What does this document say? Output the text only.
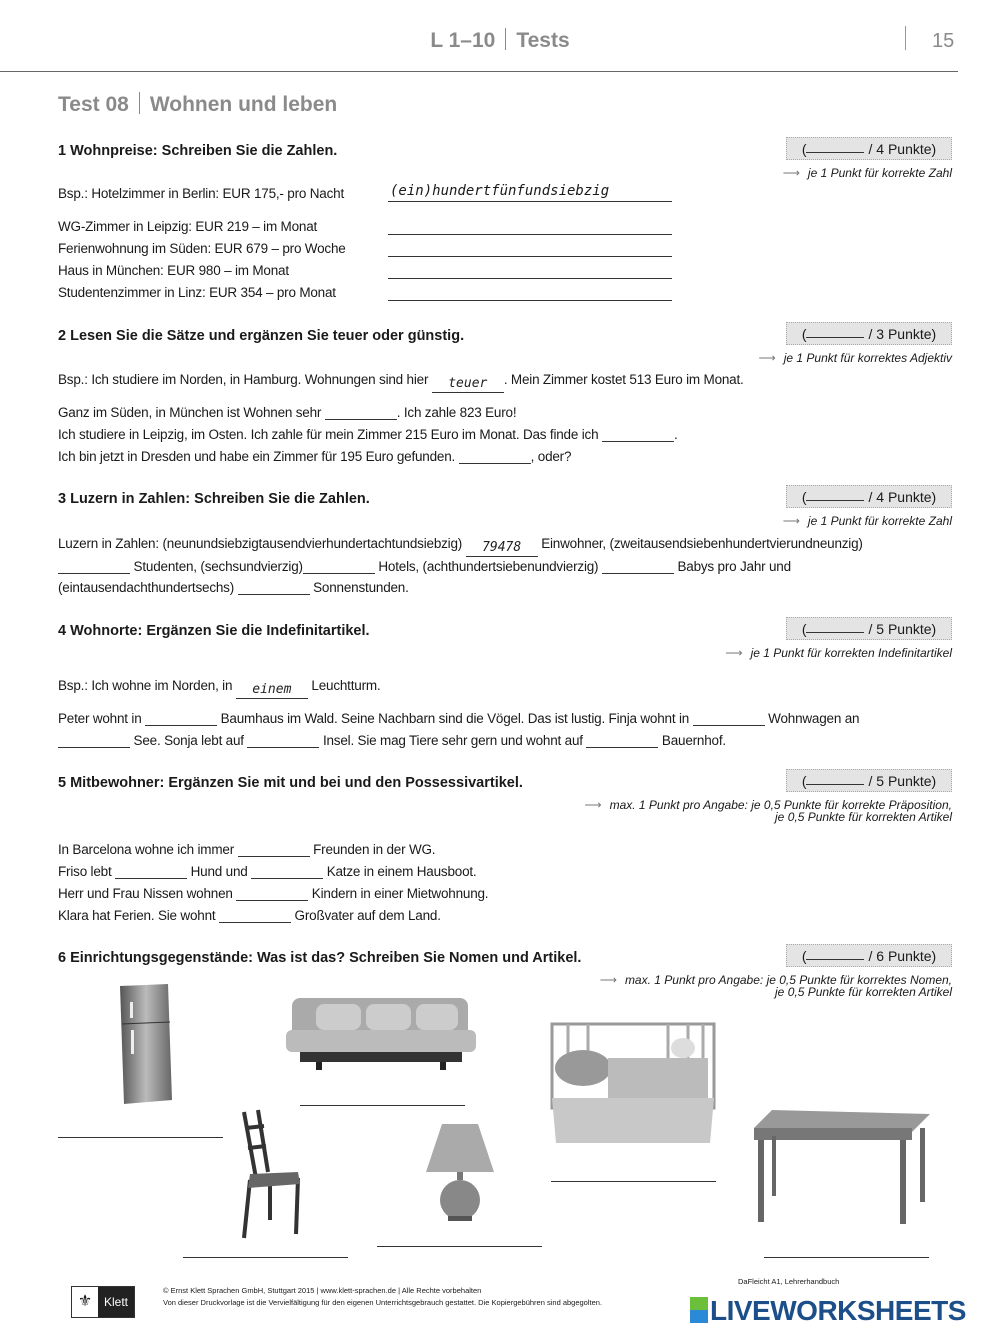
L 1–10 Tests	15
Test 08 Wohnen und leben
⚜ Klett
© Ernst Klett Sprachen GmbH, Stuttgart 2015 | www.klett-sprachen.de | Alle Rechte vorbehalten
Von dieser Druckvorlage ist die Vervielfältigung für den eigenen Unterrichtsgebrauch gestattet. Die Kopiergebühren sind abgegolten.
DaFleicht A1, Lehrerhandbuch
LIVEWORKSHEETS
1 Wohnpreise: Schreiben Sie die Zahlen.	(	/ 4 Punkte)
⟶ je 1 Punkt für korrekte Zahl
2 Lesen Sie die Sätze und ergänzen Sie teuer oder günstig.	(	/ 3 Punkte)
⟶ je 1 Punkt für korrektes Adjektiv
3 Luzern in Zahlen: Schreiben Sie die Zahlen.	(	/ 4 Punkte)
⟶ je 1 Punkt für korrekte Zahl
4 Wohnorte: Ergänzen Sie die Indefinitartikel.	(	/ 5 Punkte)
⟶ je 1 Punkt für korrekten Indefinitartikel
5 Mitbewohner: Ergänzen Sie mit und bei und den Possessivartikel.	(	/ 5 Punkte)
⟶ max. 1 Punkt pro Angabe: je 0,5 Punkte für korrekte Präposition,
je 0,5 Punkte für korrekten Artikel
6 Einrichtungsgegenstände: Was ist das? Schreiben Sie Nomen und Artikel.	(	/ 6 Punkte)
⟶ max. 1 Punkt pro Angabe: je 0,5 Punkte für korrektes Nomen,
je 0,5 Punkte für korrekten Artikel
Bsp.: Hotelzimmer in Berlin: EUR 175,- pro Nacht	(ein)hundertfünfundsiebzig
WG-Zimmer in Leipzig: EUR 219 – im Monat
Ferienwohnung im Süden: EUR 679 – pro Woche
Haus in München: EUR 980 – im Monat
Studentenzimmer in Linz: EUR 354 – pro Monat
Bsp.: Ich studiere im Norden, in Hamburg. Wohnungen sind hier teuer . Mein Zimmer kostet 513 Euro im Monat.
Ganz im Süden, in München ist Wohnen sehr	. Ich zahle 823 Euro!
Ich studiere in Leipzig, im Osten. Ich zahle für mein Zimmer 215 Euro im Monat. Das finde ich	.
Ich bin jetzt in Dresden und habe ein Zimmer für 195 Euro gefunden.	, oder?
Luzern in Zahlen: (neunundsiebzigtausendvierhundertachtundsiebzig) 79478 Einwohner, (zweitausendsiebenhundertvierundneunzig)
Studenten, (sechsundvierzig)	Hotels, (achthundertsiebenundvierzig)	Babys pro Jahr und
(eintausendachthundertsechs)	Sonnenstunden.
Bsp.: Ich wohne im Norden, in einem Leuchtturm.
Peter wohnt in	Baumhaus im Wald. Seine Nachbarn sind die Vögel. Das ist lustig. Finja wohnt in	Wohnwagen an
See. Sonja lebt auf	Insel. Sie mag Tiere sehr gern und wohnt auf	Bauernhof.
In Barcelona wohne ich immer	Freunden in der WG.
Friso lebt	Hund und	Katze in einem Hausboot.
Herr und Frau Nissen wohnen	Kindern in einer Mietwohnung.
Klara hat Ferien. Sie wohnt	Großvater auf dem Land.
